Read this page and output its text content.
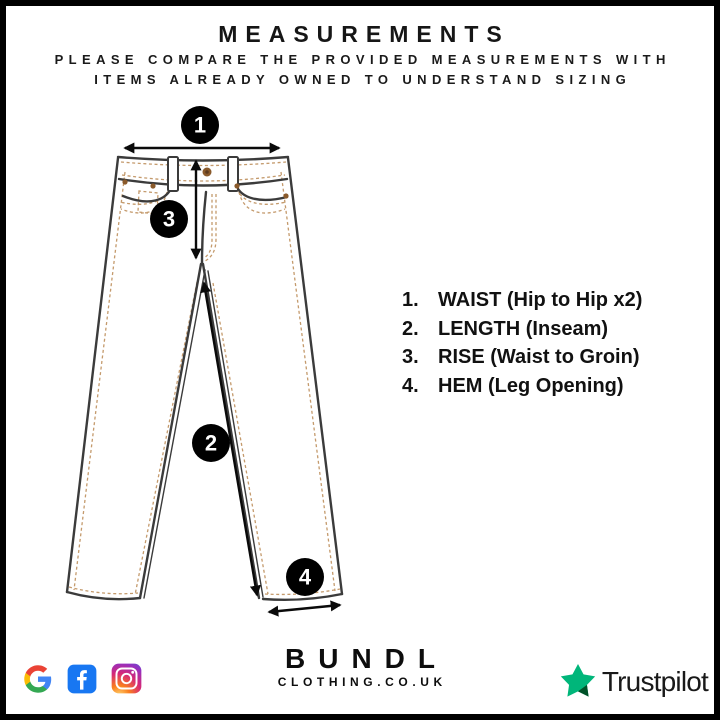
1
3
2
4
MEASUREMENTS

PLEASE COMPARE THE PROVIDED MEASUREMENTS WITH

ITEMS ALREADY OWNED TO UNDERSTAND SIZING

1. WAIST (Hip to Hip x2)
2. LENGTH (Inseam)
3. RISE (Waist to Groin)
4. HEM (Leg Opening)
BUNDL
CLOTHING.CO.UK	Trustpilot
